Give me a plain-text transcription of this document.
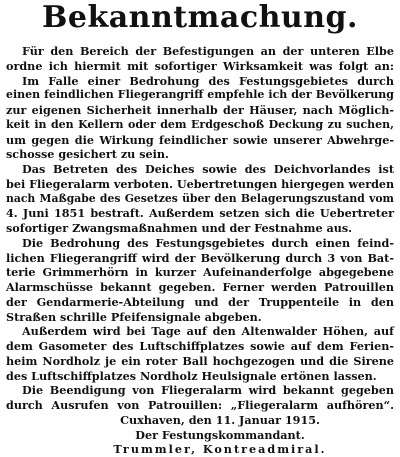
Bekanntmachung.
Für den Bereich der Befestigungen an der unteren Elbe
ordne ich hiermit mit sofortiger Wirksamkeit was folgt an:
Im Falle einer Bedrohung des Festungsgebietes durch
einen feindlichen Fliegerangriff empfehle ich der Bevölkerung
zur eigenen Sicherheit innerhalb der Häuser, nach Möglich-
keit in den Kellern oder dem Erdgeschoß Deckung zu suchen,
um gegen die Wirkung feindlicher sowie unserer Abwehrge-
schosse gesichert zu sein.
Das Betreten des Deiches sowie des Deichvorlandes ist
bei Fliegeralarm verboten. Uebertretungen hiergegen werden
nach Maßgabe des Gesetzes über den Belagerungszustand vom
4. Juni 1851 bestraft. Außerdem setzen sich die Uebertreter
sofortiger Zwangsmaßnahmen und der Festnahme aus.
Die Bedrohung des Festungsgebietes durch einen feind-
lichen Fliegerangriff wird der Bevölkerung durch 3 von Bat-
terie Grimmerhörn in kurzer Aufeinanderfolge abgegebene
Alarmschüsse bekannt gegeben. Ferner werden Patrouillen
der Gendarmerie-Abteilung und der Truppenteile in den
Straßen schrille Pfeifensignale abgeben.
Außerdem wird bei Tage auf den Altenwalder Höhen, auf
dem Gasometer des Luftschiffplatzes sowie auf dem Ferien-
heim Nordholz je ein roter Ball hochgezogen und die Sirene
des Luftschiffplatzes Nordholz Heulsignale ertönen lassen.
Die Beendigung von Fliegeralarm wird bekannt gegeben
durch Ausrufen von Patrouillen: „Fliegeralarm aufhören“.
Cuxhaven, den 11. Januar 1915.
Der Festungskommandant.
Trummler, Kontreadmiral.
